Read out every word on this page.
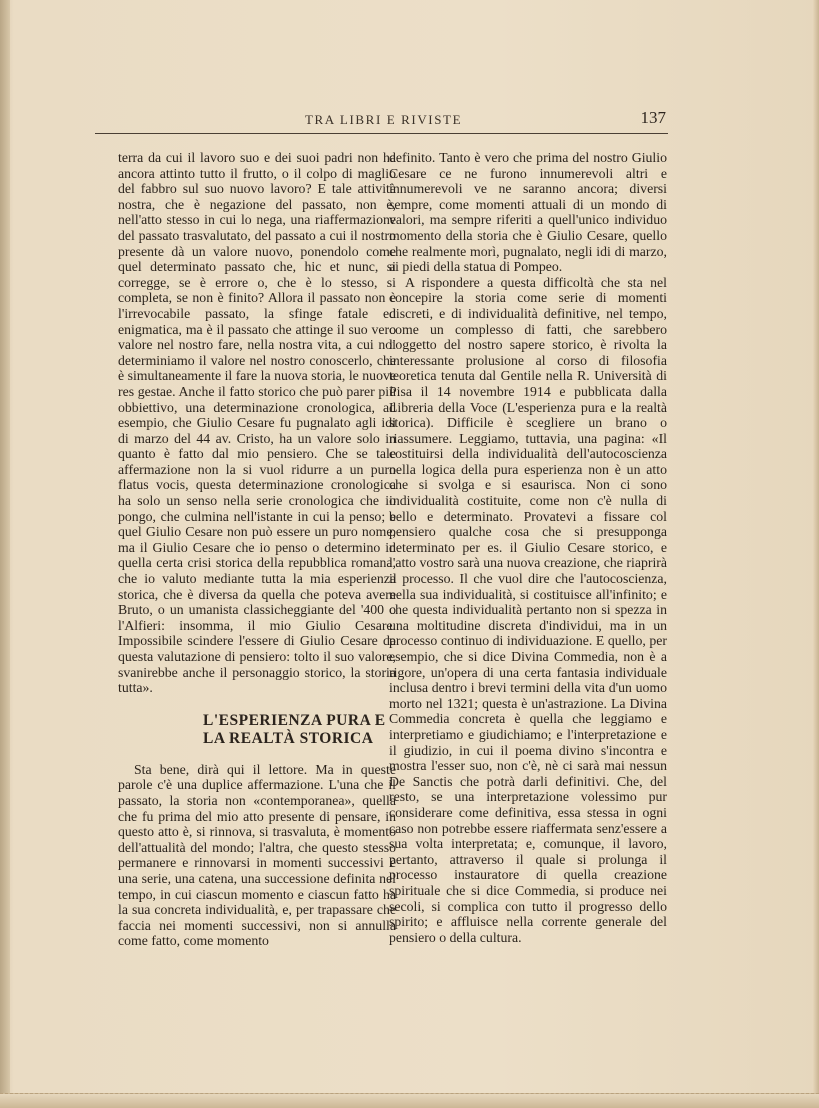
TRA LIBRI E RIVISTE	137

terra da cui il lavoro suo e dei suoi padri non ha ancora attinto tutto il frutto, o il colpo di maglio del fabbro sul suo nuovo lavoro? E tale attività nostra, che è negazione del passato, non è, nell'atto stesso in cui lo nega, una riaffermazione del passato trasvalutato, del passato a cui il nostro presente dà un valore nuovo, ponendolo come quel determinato passato che, hic et nunc, si corregge, se è errore o, che è lo stesso, si completa, se non è finito? Allora il passato non è l'irrevocabile passato, la sfinge fatale ed enigmatica, ma è il passato che attinge il suo vero valore nel nostro fare, nella nostra vita, a cui noi determiniamo il valore nel nostro conoscerlo, che è simultaneamente il fare la nuova storia, le nuove res gestae. Anche il fatto storico che può parer più obbiettivo, una determinazione cronologica, ad esempio, che Giulio Cesare fu pugnalato agli idi di marzo del 44 av. Cristo, ha un valore solo in quanto è fatto dal mio pensiero. Che se tale affermazione non la si vuol ridurre a un puro flatus vocis, questa determinazione cronologica ha solo un senso nella serie cronologica che io pongo, che culmina nell'istante in cui la penso; e quel Giulio Cesare non può essere un puro nome, ma il Giulio Cesare che io penso o determino in quella certa crisi storica della repubblica romana, che io valuto mediante tutta la mia esperienza storica, che è diversa da quella che poteva avere Bruto, o un umanista classicheggiante del '400 o l'Alfieri: insomma, il mio Giulio Cesare. Impossibile scindere l'essere di Giulio Cesare da questa valutazione di pensiero: tolto il suo valore, svanirebbe anche il personaggio storico, la storia tutta».

L'ESPERIENZA PURA E
LA REALTÀ STORICA

Sta bene, dirà qui il lettore. Ma in queste parole c'è una duplice affermazione. L'una che il passato, la storia non «contemporanea», quella che fu prima del mio atto presente di pensare, in questo atto è, si rinnova, si trasvaluta, è momento dell'attualità del mondo; l'altra, che questo stesso permanere e rinnovarsi in momenti successivi è una serie, una catena, una successione definita nel tempo, in cui ciascun momento e ciascun fatto ha la sua concreta individualità, e, per trapassare che faccia nei momenti successivi, non si annulla come fatto, come momento

definito. Tanto è vero che prima del nostro Giulio Cesare ce ne furono innumerevoli altri e innumerevoli ve ne saranno ancora; diversi sempre, come momenti attuali di un mondo di valori, ma sempre riferiti a quell'unico individuo momento della storia che è Giulio Cesare, quello che realmente morì, pugnalato, negli idi di marzo, ai piedi della statua di Pompeo.

A rispondere a questa difficoltà che sta nel concepire la storia come serie di momenti discreti, e di individualità definitive, nel tempo, come un complesso di fatti, che sarebbero l'oggetto del nostro sapere storico, è rivolta la interessante prolusione al corso di filosofia teoretica tenuta dal Gentile nella R. Università di Pisa il 14 novembre 1914 e pubblicata dalla Libreria della Voce (L'esperienza pura e la realtà storica). Difficile è scegliere un brano o riassumere. Leggiamo, tuttavia, una pagina: «Il costituirsi della individualità dell'autocoscienza nella logica della pura esperienza non è un atto che si svolga e si esaurisca. Non ci sono individualità costituite, come non c'è nulla di bello e determinato. Provatevi a fissare col pensiero qualche cosa che si presupponga determinato per es. il Giulio Cesare storico, e l'atto vostro sarà una nuova creazione, che riaprirà il processo. Il che vuol dire che l'autocoscienza, nella sua individualità, si costituisce all'infinito; e che questa individualità pertanto non si spezza in una moltitudine discreta d'individui, ma in un processo continuo di individuazione. E quello, per esempio, che si dice Divina Commedia, non è a rigore, un'opera di una certa fantasia individuale inclusa dentro i brevi termini della vita d'un uomo morto nel 1321; questa è un'astrazione. La Divina Commedia concreta è quella che leggiamo e interpretiamo e giudichiamo; e l'interpretazione e il giudizio, in cui il poema divino s'incontra e mostra l'esser suo, non c'è, nè ci sarà mai nessun De Sanctis che potrà darli definitivi. Che, del resto, se una interpretazione volessimo pur considerare come definitiva, essa stessa in ogni caso non potrebbe essere riaffermata senz'essere a sua volta interpretata; e, comunque, il lavoro, pertanto, attraverso il quale si prolunga il processo instauratore di quella creazione spirituale che si dice Commedia, si produce nei secoli, si complica con tutto il progresso dello spirito; e affluisce nella corrente generale del pensiero o della cultura.
